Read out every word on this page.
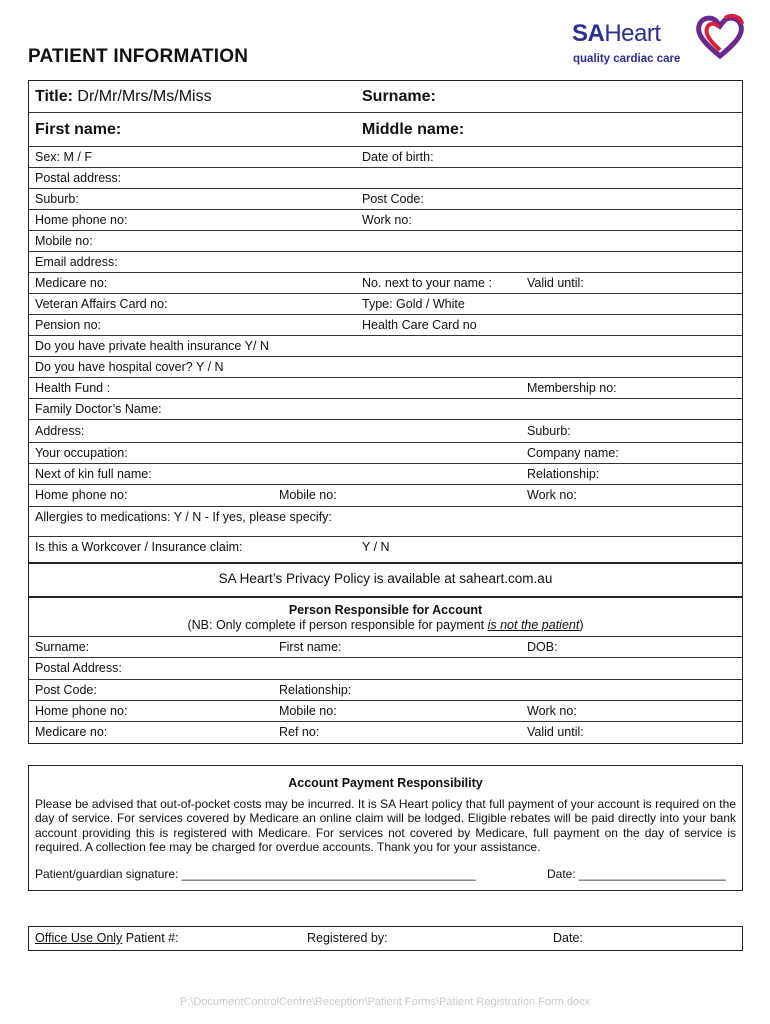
PATIENT INFORMATION
SAHeart
quality cardiac care
Title: Dr/Mr/Mrs/Ms/Miss	Surname:
First name:	Middle name:
Sex: M / F	Date of birth:
Postal address:
Suburb:	Post Code:
Home phone no:	Work no:
Mobile no:
Email address:
Medicare no:	No. next to your name :	Valid until:
Veteran Affairs Card no:	Type: Gold / White
Pension no:	Health Care Card no
Do you have private health insurance Y/ N
Do you have hospital cover? Y / N
Health Fund :	Membership no:
Family Doctor’s Name:
Address:	Suburb:
Your occupation:	Company name:
Next of kin full name:	Relationship:
Home phone no:	Mobile no:	Work no:
Allergies to medications: Y / N - If yes, please specify:
Is this a Workcover / Insurance claim:	Y / N
SA Heart’s Privacy Policy is available at saheart.com.au
Person Responsible for Account
(NB: Only complete if person responsible for payment is not the patient)
Surname:	First name:	DOB:
Postal Address:
Post Code:	Relationship:
Home phone no:	Mobile no:	Work no:
Medicare no:	Ref no:	Valid until:
Account Payment Responsibility
Please be advised that out-of-pocket costs may be incurred. It is SA Heart policy that full payment of your account is required on the day of service. For services covered by Medicare an online claim will be lodged. Eligible rebates will be paid directly into your bank account providing this is registered with Medicare. For services not covered by Medicare, full payment on the day of service is required. A collection fee may be charged for overdue accounts. Thank you for your assistance.
Patient/guardian signature: ____________________________________________	Date: ______________________
Office Use Only Patient #:	Registered by:	Date:
P:\DocumentControlCentre\Reception\Patient Forms\Patient Registration Form.docx
